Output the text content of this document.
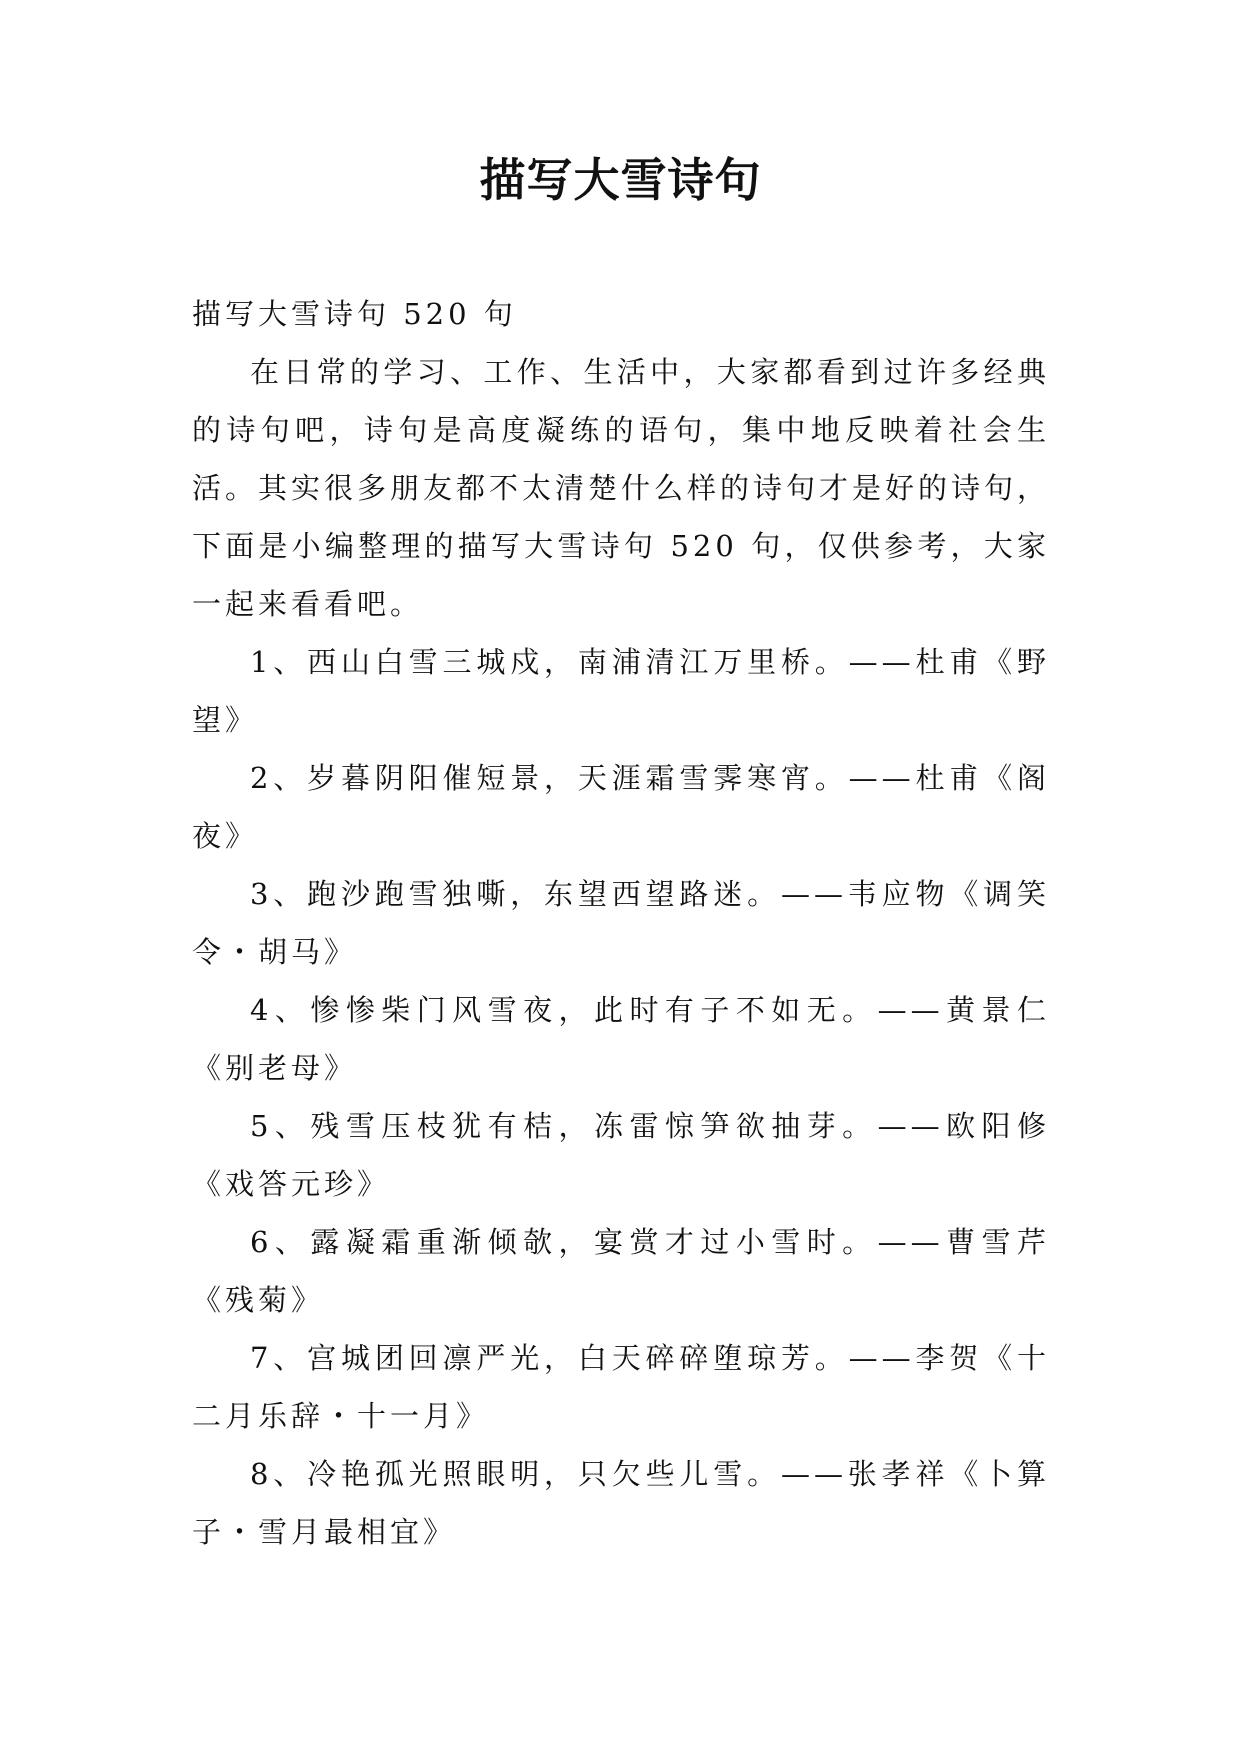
描写大雪诗句

描写大雪诗句 520 句

在日常的学习、工作、生活中，大家都看到过许多经典的诗句吧，诗句是高度凝练的语句，集中地反映着社会生活。其实很多朋友都不太清楚什么样的诗句才是好的诗句，下面是小编整理的描写大雪诗句 520 句，仅供参考，大家一起来看看吧。

1、西山白雪三城戍，南浦清江万里桥。——杜甫《野望》

2、岁暮阴阳催短景，天涯霜雪霁寒宵。——杜甫《阁夜》

3、跑沙跑雪独嘶，东望西望路迷。——韦应物《调笑令・胡马》

4、惨惨柴门风雪夜，此时有子不如无。——黄景仁《别老母》

5、残雪压枝犹有桔，冻雷惊笋欲抽芽。——欧阳修《戏答元珍》

6、露凝霜重渐倾欹，宴赏才过小雪时。——曹雪芹《残菊》

7、宫城团回凛严光，白天碎碎堕琼芳。——李贺《十二月乐辞・十一月》

8、冷艳孤光照眼明，只欠些儿雪。——张孝祥《卜算子・雪月最相宜》
